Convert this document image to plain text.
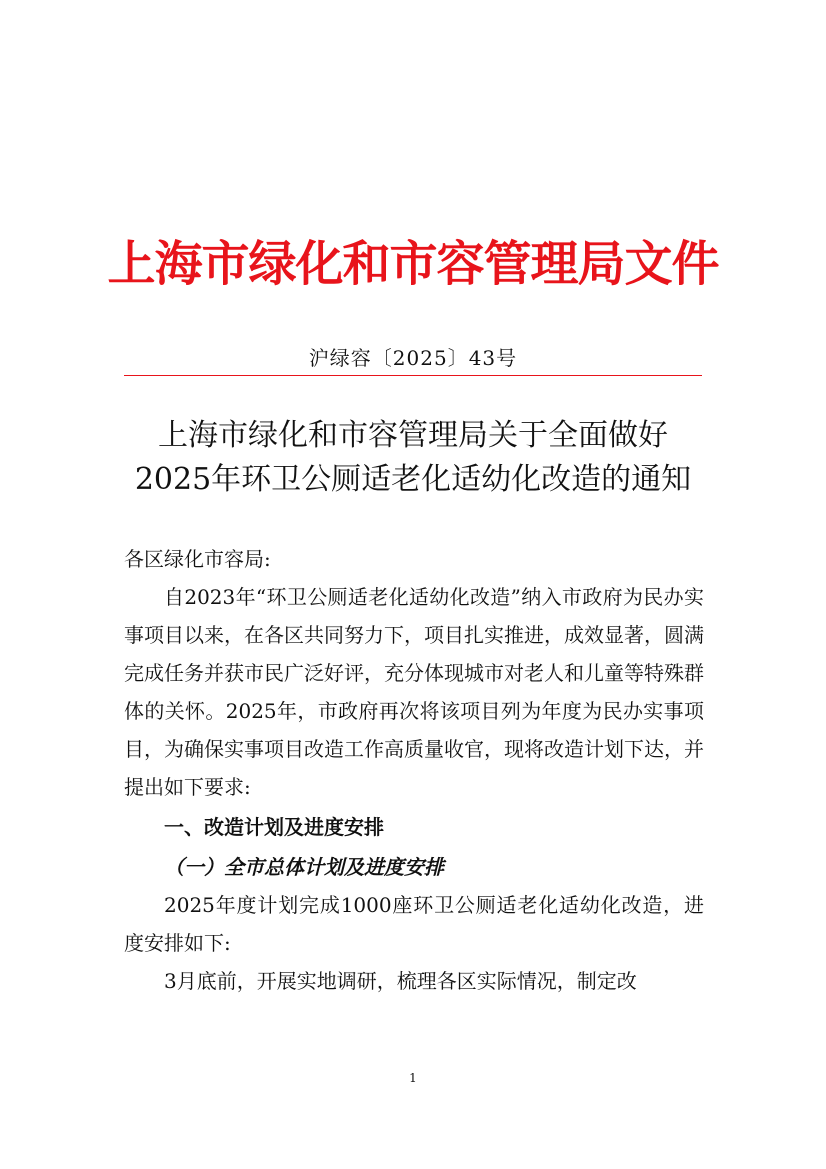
上海市绿化和市容管理局文件
沪绿容〔2025〕43号
上海市绿化和市容管理局关于全面做好
2025年环卫公厕适老化适幼化改造的通知

各区绿化市容局:

自2023年“环卫公厕适老化适幼化改造”纳入市政府为民办实事项目以来，在各区共同努力下，项目扎实推进，成效显著，圆满完成任务并获市民广泛好评，充分体现城市对老人和儿童等特殊群体的关怀。2025年，市政府再次将该项目列为年度为民办实事项目，为确保实事项目改造工作高质量收官，现将改造计划下达，并提出如下要求:

一、改造计划及进度安排

（一）全市总体计划及进度安排

2025年度计划完成1000座环卫公厕适老化适幼化改造，进度安排如下:

3月底前，开展实地调研，梳理各区实际情况，制定改

1
